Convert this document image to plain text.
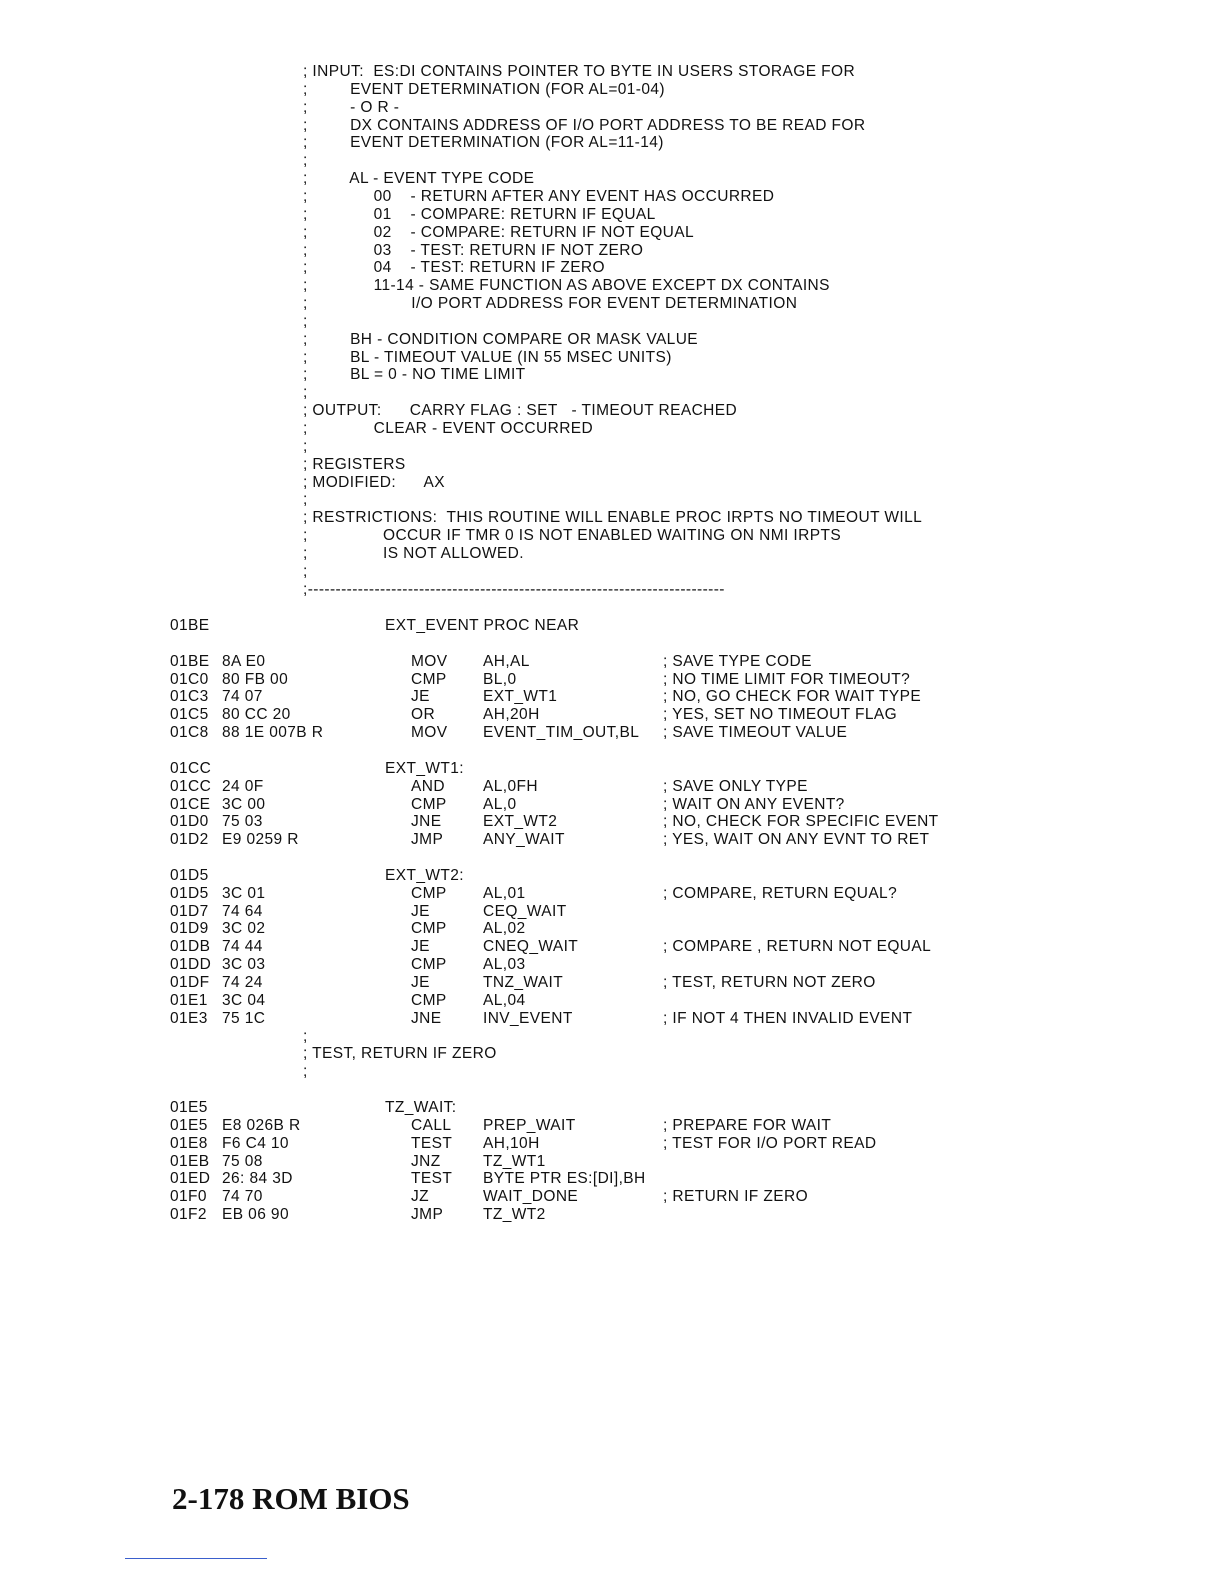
; INPUT:  ES:DI CONTAINS POINTER TO BYTE IN USERS STORAGE FOR
;         EVENT DETERMINATION (FOR AL=01-04)
;         - O R -
;         DX CONTAINS ADDRESS OF I/O PORT ADDRESS TO BE READ FOR
;         EVENT DETERMINATION (FOR AL=11-14)
;
;         AL - EVENT TYPE CODE
;              00    - RETURN AFTER ANY EVENT HAS OCCURRED
;              01    - COMPARE: RETURN IF EQUAL
;              02    - COMPARE: RETURN IF NOT EQUAL
;              03    - TEST: RETURN IF NOT ZERO
;              04    - TEST: RETURN IF ZERO
;              11-14 - SAME FUNCTION AS ABOVE EXCEPT DX CONTAINS
;                      I/O PORT ADDRESS FOR EVENT DETERMINATION
;
;         BH - CONDITION COMPARE OR MASK VALUE
;         BL - TIMEOUT VALUE (IN 55 MSEC UNITS)
;         BL = 0 - NO TIME LIMIT
;
; OUTPUT:      CARRY FLAG : SET   - TIMEOUT REACHED
;              CLEAR - EVENT OCCURRED
;
; REGISTERS
; MODIFIED:      AX
;
; RESTRICTIONS:  THIS ROUTINE WILL ENABLE PROC IRPTS NO TIMEOUT WILL
;                OCCUR IF TMR 0 IS NOT ENABLED WAITING ON NMI IRPTS
;                IS NOT ALLOWED.
;
;---------------------------------------------------------------------------
01BE	EXT_EVENT PROC NEAR
01BE 8A E0	MOV AH,AL	; SAVE TYPE CODE
01C0 80 FB 00	CMP BL,0	; NO TIME LIMIT FOR TIMEOUT?
01C3 74 07	JE	EXT_WT1	; NO, GO CHECK FOR WAIT TYPE
01C5 80 CC 20	OR	AH,20H	; YES, SET NO TIMEOUT FLAG
01C8 88 1E 007B R	MOV EVENT_TIM_OUT,BL ; SAVE TIMEOUT VALUE
01CC	EXT_WT1:
01CC 24 0F	AND AL,0FH	; SAVE ONLY TYPE
01CE 3C 00	CMP AL,0	; WAIT ON ANY EVENT?
01D0 75 03	JNE	EXT_WT2	; NO, CHECK FOR SPECIFIC EVENT
01D2 E9 0259 R	JMP	ANY_WAIT	; YES, WAIT ON ANY EVNT TO RET
01D5	EXT_WT2:
01D5 3C 01	CMP AL,01	; COMPARE, RETURN EQUAL?
01D7 74 64	JE	CEQ_WAIT
01D9 3C 02	CMP AL,02
01DB 74 44	JE	CNEQ_WAIT	; COMPARE , RETURN NOT EQUAL
01DD 3C 03	CMP AL,03
01DF 74 24	JE	TNZ_WAIT	; TEST, RETURN NOT ZERO
01E1 3C 04	CMP AL,04
01E3 75 1C	JNE	INV_EVENT	; IF NOT 4 THEN INVALID EVENT
;
; TEST, RETURN IF ZERO
;
01E5	TZ_WAIT:
01E5 E8 026B R	CALL PREP_WAIT	; PREPARE FOR WAIT
01E8 F6 C4 10	TEST AH,10H	; TEST FOR I/O PORT READ
01EB 75 08	JNZ	TZ_WT1
01ED 26: 84 3D	TEST BYTE PTR ES:[DI],BH
01F0 74 70	JZ	WAIT_DONE	; RETURN IF ZERO
01F2 EB 06 90	JMP	TZ_WT2
2-178 ROM BIOS
